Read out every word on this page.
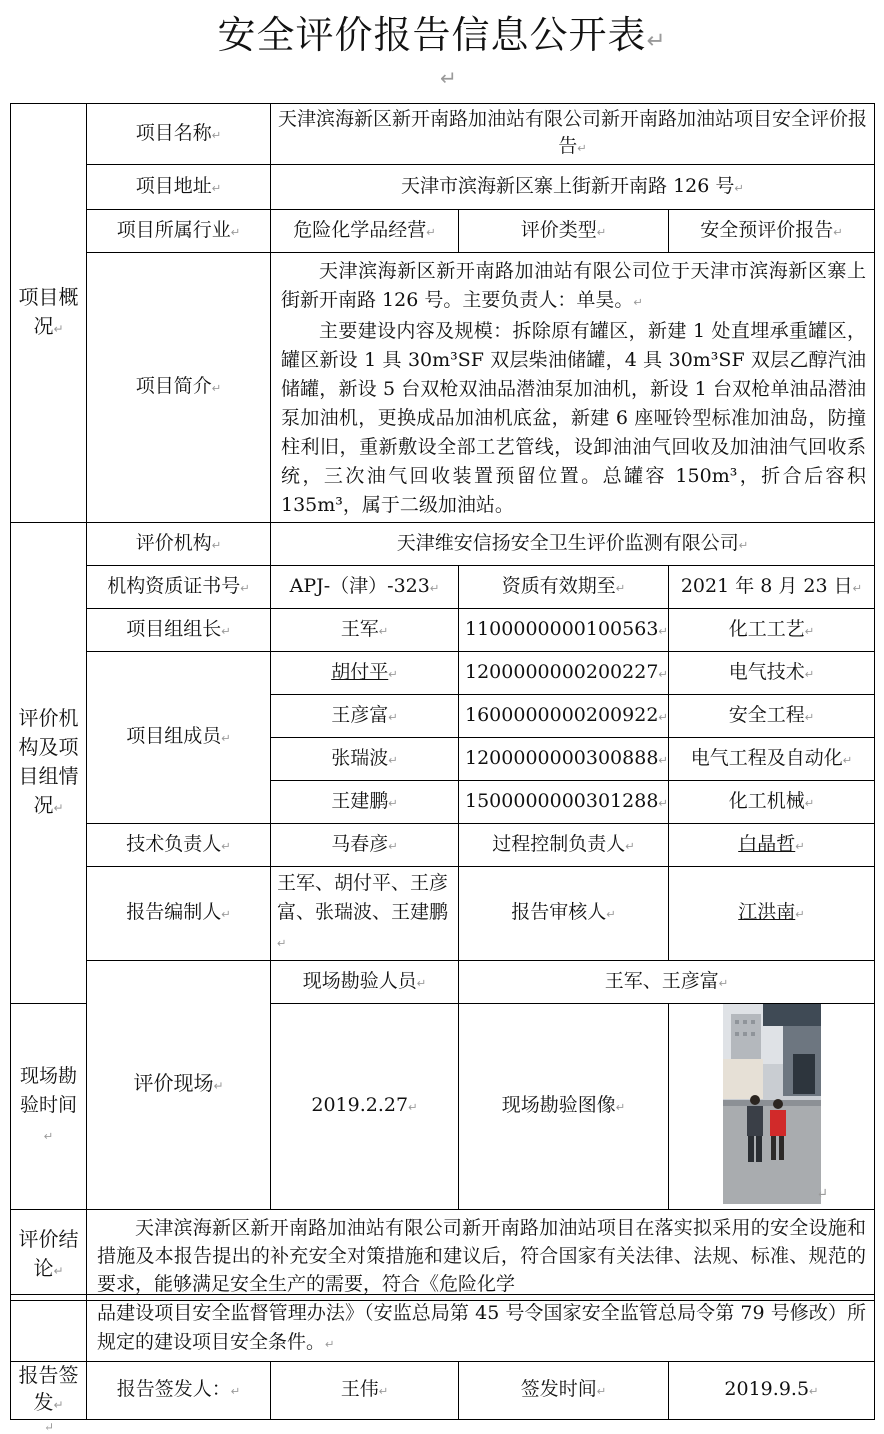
安全评价报告信息公开表↵
↵
项目概况↵	项目名称↵	天津滨海新区新开南路加油站有限公司新开南路加油站项目安全评价报告↵		
	项目地址↵	天津市滨海新区寨上街新开南路 126 号↵		
	项目所属行业↵	危险化学品经营↵	评价类型↵	安全预评价报告↵
	项目简介↵	天津滨海新区新开南路加油站有限公司位于天津市滨海新区寨上街新开南路 126 号。主要负责人：单昊。↵
主要建设内容及规模：拆除原有罐区，新建 1 处直埋承重罐区，罐区新设 1 具 30m³SF 双层柴油储罐，4 具 30m³SF 双层乙醇汽油储罐，新设 5 台双枪双油品潜油泵加油机，新设 1 台双枪单油品潜油泵加油机，更换成品加油机底盆，新建 6 座哑铃型标准加油岛，防撞柱利旧，重新敷设全部工艺管线，设卸油油气回收及加油油气回收系统，三次油气回收装置预留位置。总罐容 150m³，折合后容积 135m³，属于二级加油站。		

评价机构及项目组情况↵	评价机构↵	天津维安信扬安全卫生评价监测有限公司↵		
	机构资质证书号↵	APJ-（津）-323↵	资质有效期至↵	2021 年 8 月 23 日↵
	项目组组长↵	王军↵	1100000000100563↵	化工工艺↵
	项目组成员↵	胡付平↵	1200000000200227↵	电气技术↵
		王彦富↵	1600000000200922↵	安全工程↵
		张瑞波↵	1200000000300888↵	电气工程及自动化↵
		王建鹏↵	1500000000301288↵	化工机械↵
	技术负责人↵	马春彦↵	过程控制负责人↵	白晶哲↵
	报告编制人↵	王军、胡付平、王彦富、张瑞波、王建鹏↵	报告审核人↵	江洪南↵
	评价现场↵	现场勘验人员↵	王军、王彦富↵	
现场勘验时间↵		2019.2.27↵	现场勘验图像↵	↵

评价结论↵	天津滨海新区新开南路加油站有限公司新开南路加油站项目在落实拟采用的安全设施和措施及本报告提出的补充安全对策措施和建议后，符合国家有关法律、法规、标准、规范的要求，能够满足安全生产的需要，符合《危险化学			
	品建设项目安全监督管理办法》（安监总局第 45 号令国家安全监管总局令第 79 号修改）所规定的建设项目安全条件。↵			
报告签发↵	报告签发人：↵	王伟↵	签发时间↵	2019.9.5↵
↵
